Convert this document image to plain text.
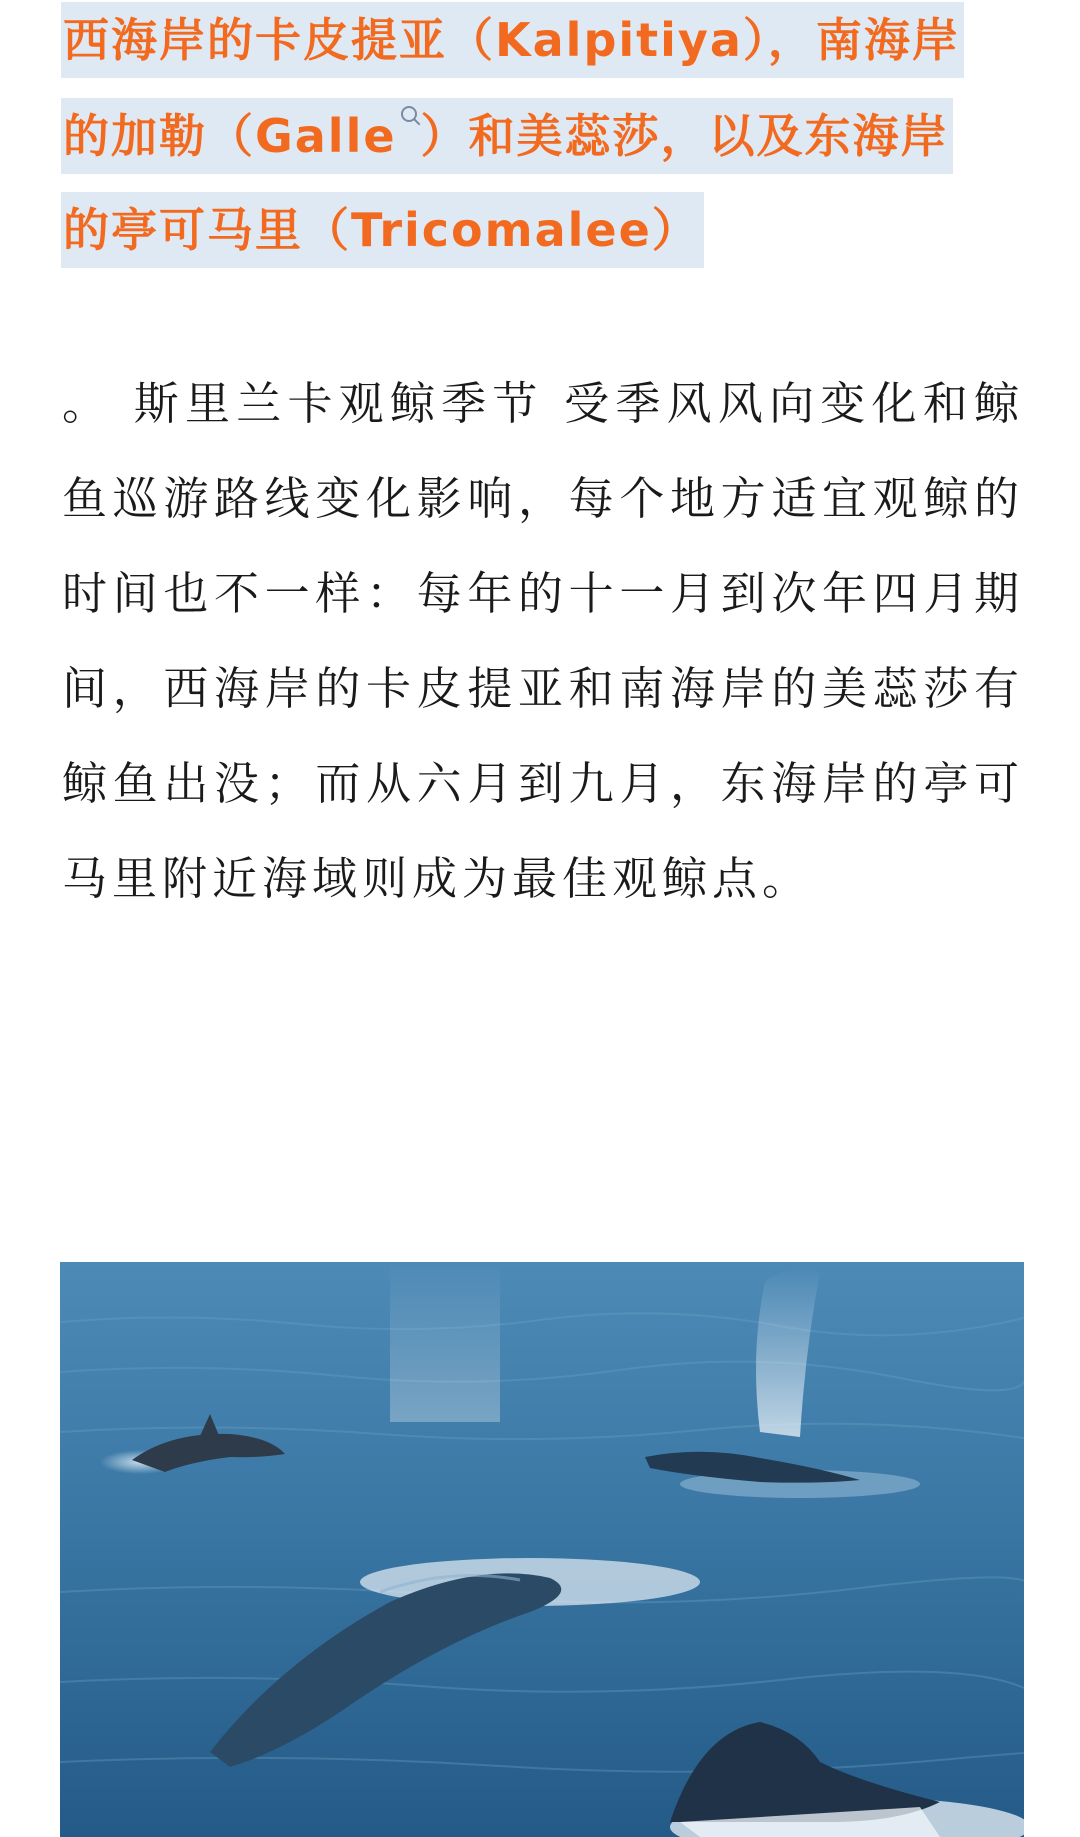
西海岸的卡皮提亚（Kalpitiya），南海岸
的加勒（Galle ）和美蕊莎，以及东海岸
的亭可马里（Tricomalee）

。 斯里兰卡观鲸季节 受季风风向变化和鲸鱼巡游路线变化影响，每个地方适宜观鲸的时间也不一样：每年的十一月到次年四月期间，西海岸的卡皮提亚和南海岸的美蕊莎有鲸鱼出没；而从六月到九月，东海岸的亭可马里附近海域则成为最佳观鲸点。
